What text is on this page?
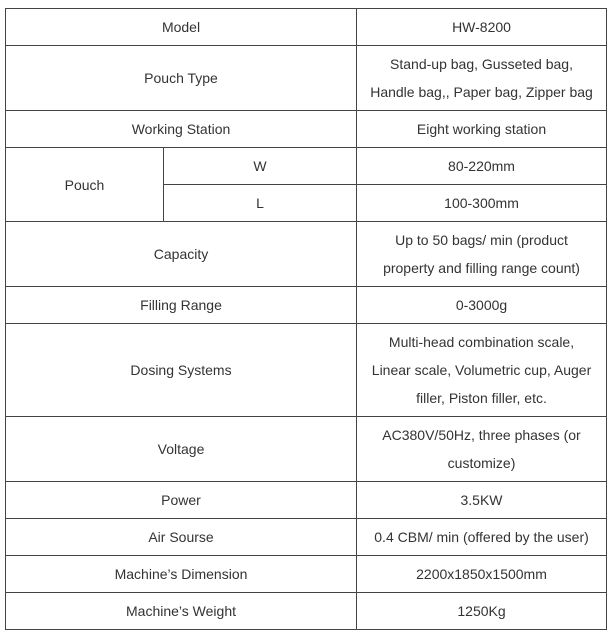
Model		HW-8200
Pouch Type		Stand-up bag, Gusseted bag,
Handle bag,, Paper bag, Zipper bag

Working Station		Eight working station
Pouch	W	80-220mm
	L	100-300mm
Capacity		Up to 50 bags/ min (product
property and filling range count)

Filling Range		0-3000g
Dosing Systems		Multi-head combination scale,
Linear scale, Volumetric cup, Auger
filler, Piston filler, etc.

Voltage		AC380V/50Hz, three phases (or
customize)

Power		3.5KW
Air Sourse		0.4 CBM/ min (offered by the user)
Machine’s Dimension		2200x1850x1500mm
Machine’s Weight		1250Kg
